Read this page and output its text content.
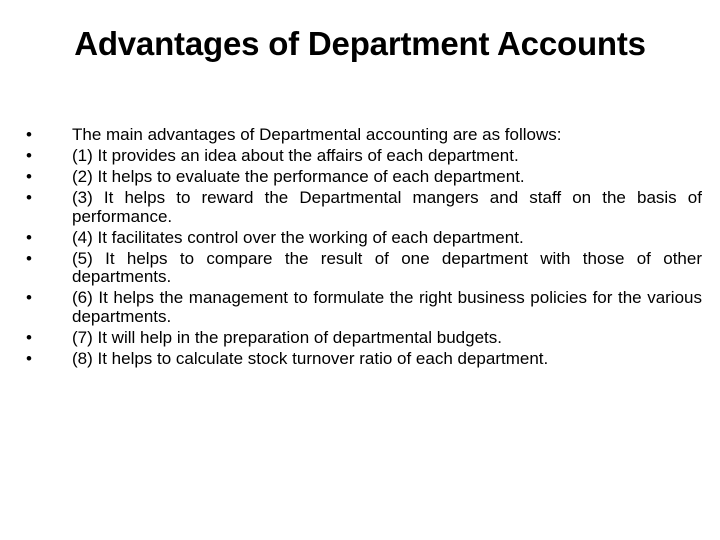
Advantages of Department Accounts
•	The main advantages of Departmental accounting are as follows:
•	(1) It provides an idea about the affairs of each department.
•	(2) It helps to evaluate the performance of each department.
•	(3) It helps to reward the Departmental mangers and staff on the basis of performance.
•	(4) It facilitates control over the working of each department.
•	(5) It helps to compare the result of one department with those of other departments.
•	(6) It helps the management to formulate the right business policies for the various departments.
•	(7) It will help in the preparation of departmental budgets.
•	(8) It helps to calculate stock turnover ratio of each department.
